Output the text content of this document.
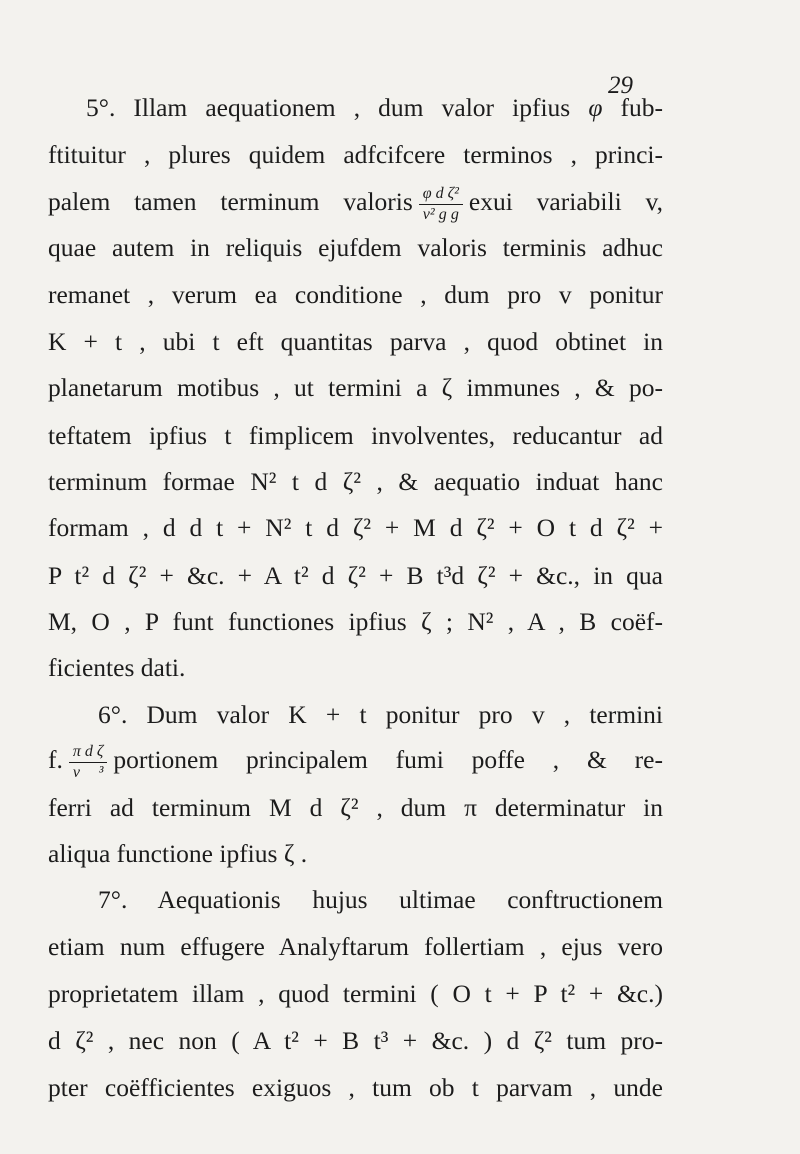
29
5°. Illam aequationem , dum valor ipfius φ fub-
ftituitur , plures quidem adfcifcere terminos , princi-
palem tamen terminum valoris $\frac{\text{φ d ζ²}}{\text{v² g g}}$ exui variabili v,
quae autem in reliquis ejufdem valoris terminis adhuc
remanet , verum ea conditione , dum pro v ponitur
K + t , ubi t eft quantitas parva , quod obtinet in
planetarum motibus , ut termini a ζ immunes , & po-
teftatem ipfius t fimplicem involventes, reducantur ad
terminum formae N² t d ζ² , & aequatio induat hanc
formam , d d t + N² t d ζ² + M d ζ² + O t d ζ² +
P t² d ζ² + &c. + A t² d ζ² + B t³d ζ² + &c., in qua
M, O , P funt functiones ipfius ζ ; N² , A , B coëf-
ficientes dati.
6°. Dum valor K + t ponitur pro v , termini
f. $\frac{\text{π d ζ}}{\text{v ³}}$ portionem principalem fumi poffe , & re-
ferri ad terminum M d ζ² , dum π determinatur in
aliqua functione ipfius ζ .
7°. Aequationis hujus ultimae conftructionem
etiam num effugere Analyftarum follertiam , ejus vero
proprietatem illam , quod termini ( O t + P t² + &c.)
d ζ² , nec non ( A t² + B t³ + &c. ) d ζ² tum pro-
pter coëfficientes exiguos , tum ob t parvam , unde
